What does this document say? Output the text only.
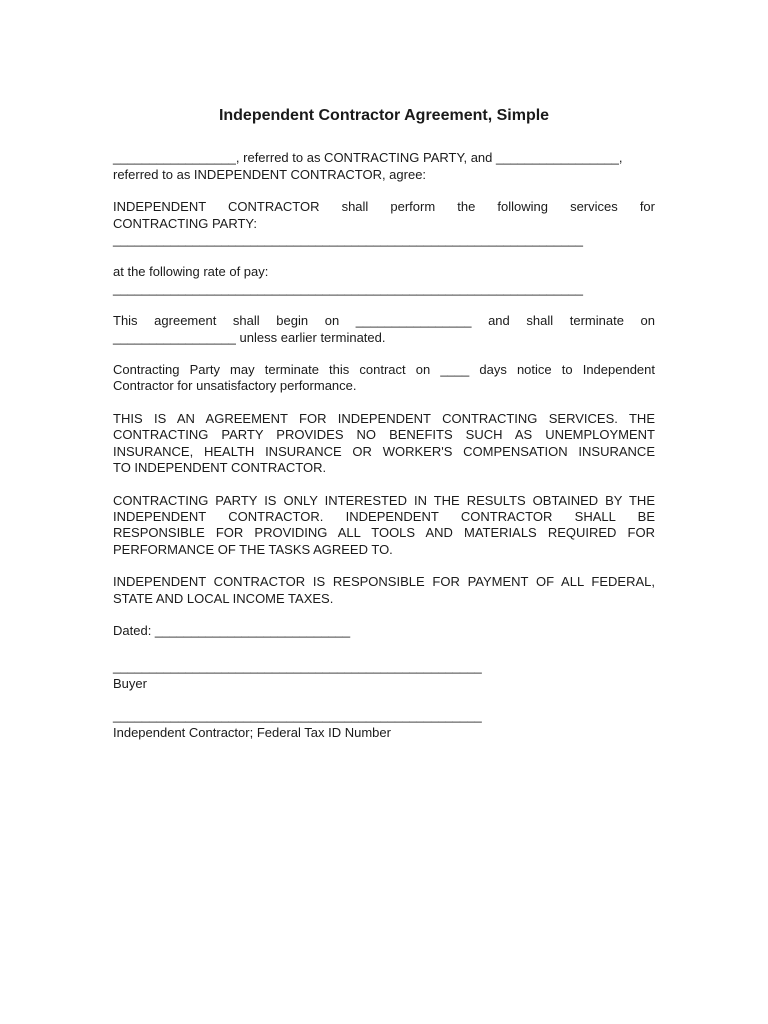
Independent Contractor Agreement, Simple
_________________, referred to as CONTRACTING PARTY, and _________________,
referred to as INDEPENDENT CONTRACTOR, agree:
INDEPENDENT CONTRACTOR shall perform the following services for
CONTRACTING PARTY:
_________________________________________________________________
at the following rate of pay:
_________________________________________________________________
This agreement shall begin on ________________ and shall terminate on
_________________ unless earlier terminated.
Contracting Party may terminate this contract on ____ days notice to Independent
Contractor for unsatisfactory performance.
THIS IS AN AGREEMENT FOR INDEPENDENT CONTRACTING SERVICES. THE
CONTRACTING PARTY PROVIDES NO BENEFITS SUCH AS UNEMPLOYMENT
INSURANCE, HEALTH INSURANCE OR WORKER'S COMPENSATION INSURANCE
TO INDEPENDENT CONTRACTOR.
CONTRACTING PARTY IS ONLY INTERESTED IN THE RESULTS OBTAINED BY THE
INDEPENDENT CONTRACTOR. INDEPENDENT CONTRACTOR SHALL BE
RESPONSIBLE FOR PROVIDING ALL TOOLS AND MATERIALS REQUIRED FOR
PERFORMANCE OF THE TASKS AGREED TO.
INDEPENDENT CONTRACTOR IS RESPONSIBLE FOR PAYMENT OF ALL FEDERAL,
STATE AND LOCAL INCOME TAXES.
Dated: ___________________________
___________________________________________________
Buyer
___________________________________________________
Independent Contractor; Federal Tax ID Number
